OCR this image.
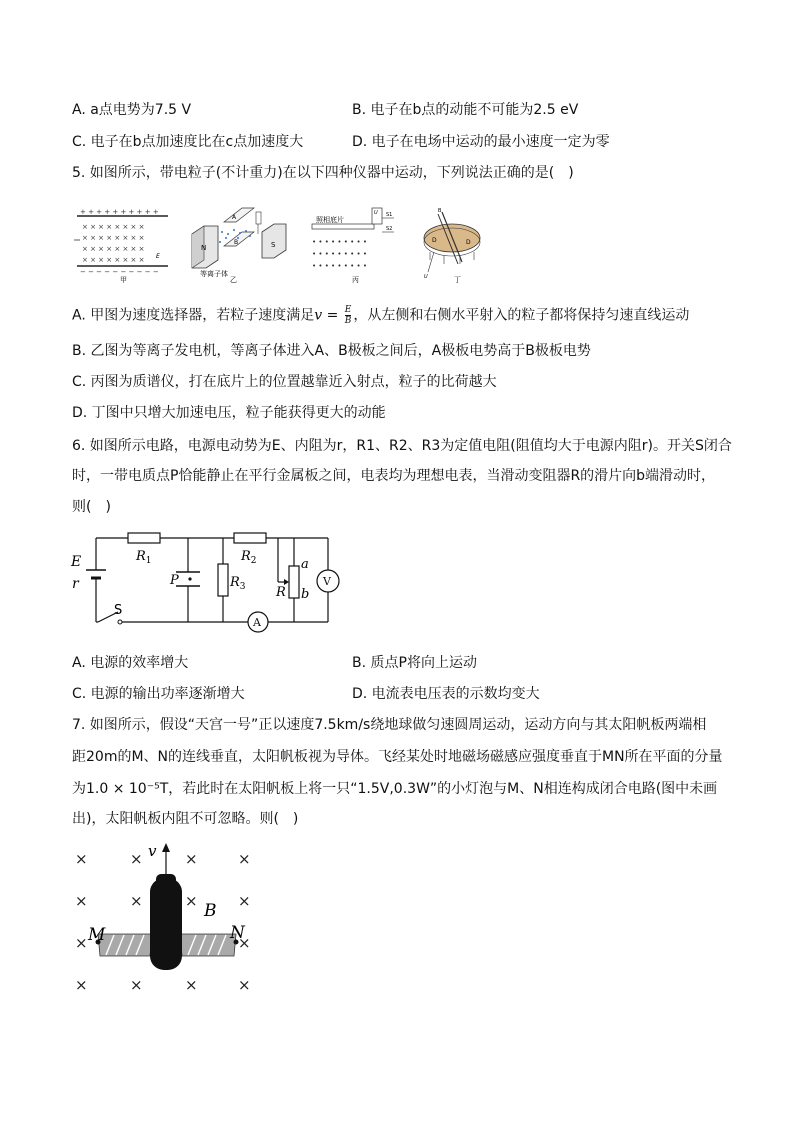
A. a点电势为7.5 V	B. 电子在b点的动能不可能为2.5 eV
C. 电子在b点加速度比在c点加速度大	D. 电子在电场中运动的最小速度一定为零
5. 如图所示，带电粒子(不计重力)在以下四种仪器中运动，下列说法正确的是(　)
+ + + + + + + + + +
− − − − − − − − − −
× × × × × × × ×
× × × × × × × ×
× × × × × × × ×
× × × × × × × × E
甲
N
A
B	S
等离子体
乙
照相底片
U S1
S2
• • • • • • • • •
• • • • • • • • •
• • • • • • • • •
丙
D	D
B
U	丁
A. 甲图为速度选择器，若粒子速度满足$v = \frac{E}{B}$ ，从左侧和右侧水平射入的粒子都将保持匀速直线运动
B. 乙图为等离子发电机，等离子体进入A、B极板之间后，A极板电势高于B极板电势
C. 丙图为质谱仪，打在底片上的位置越靠近入射点，粒子的比荷越大
D. 丁图中只增大加速电压，粒子能获得更大的动能
6. 如图所示电路，电源电动势为E、内阻为r，R1、R2、R3为定值电阻(阻值均大于电源内阻r)。开关S闭合
时，一带电质点P恰能静止在平行金属板之间，电表均为理想电表，当滑动变阻器R的滑片向b端滑动时，
则(　)
A
V
E
r
$R_1$	$R_2$
$R_3$
P
R
a
b
S
A. 电源的效率增大	B. 质点P将向上运动
C. 电源的输出功率逐渐增大	D. 电流表电压表的示数均变大
7. 如图所示，假设“天宫一号”正以速度7.5km/s绕地球做匀速圆周运动，运动方向与其太阳帆板两端相
距20m的M、N的连线垂直，太阳帆板视为导体。飞经某处时地磁场磁感应强度垂直于MN所在平面的分量
为1.0 × 10⁻⁵T，若此时在太阳帆板上将一只“1.5V,0.3W”的小灯泡与M、N相连构成闭合电路(图中未画
出)，太阳帆板内阻不可忽略。则(　)
×	×	×	×
×	×	×	×
×	×
×	×	×	×
v
M	N
B
